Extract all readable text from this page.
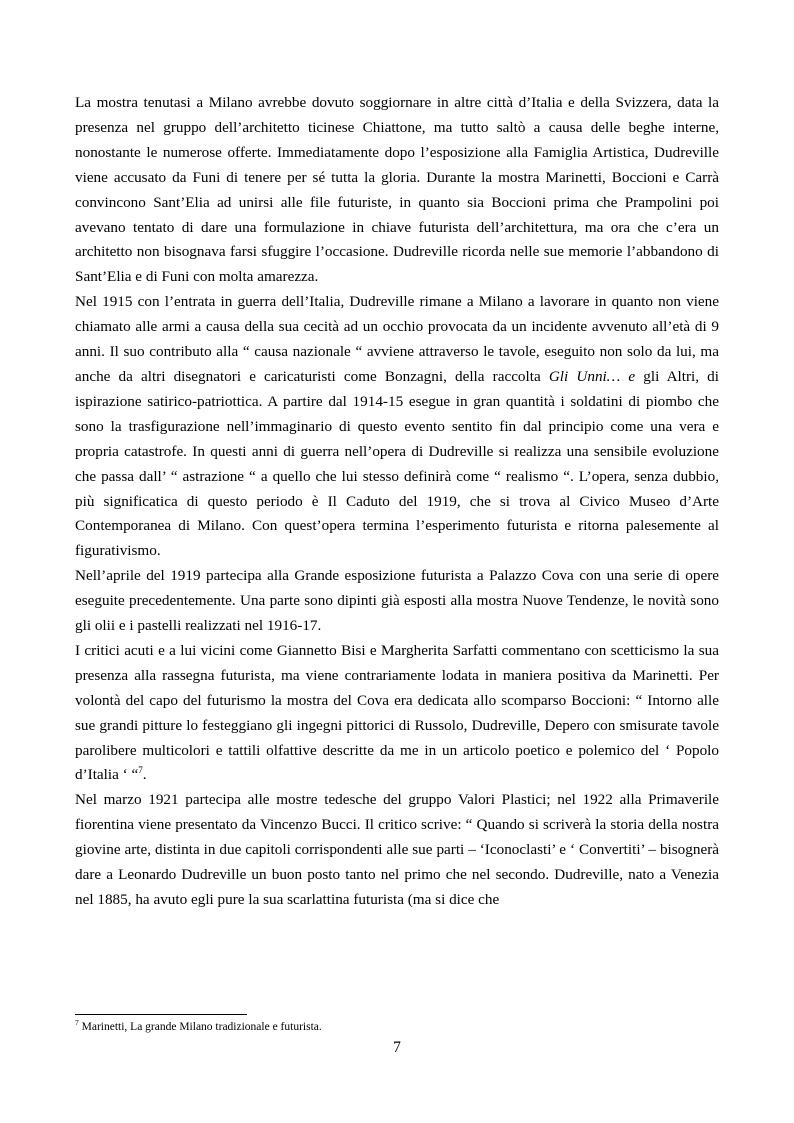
La mostra tenutasi a Milano avrebbe dovuto soggiornare in altre città d’Italia e della Svizzera, data la presenza nel gruppo dell’architetto ticinese Chiattone, ma tutto saltò a causa delle beghe interne, nonostante le numerose offerte. Immediatamente dopo l’esposizione alla Famiglia Artistica, Dudreville viene accusato da Funi di tenere per sé tutta la gloria. Durante la mostra Marinetti, Boccioni e Carrà convincono Sant’Elia ad unirsi alle file futuriste, in quanto sia Boccioni prima che Prampolini poi avevano tentato di dare una formulazione in chiave futurista dell’architettura, ma ora che c’era un architetto non bisognava farsi sfuggire l’occasione. Dudreville ricorda nelle sue memorie l’abbandono di Sant’Elia e di Funi con molta amarezza.

Nel 1915 con l’entrata in guerra dell’Italia, Dudreville rimane a Milano a lavorare in quanto non viene chiamato alle armi a causa della sua cecità ad un occhio provocata da un incidente avvenuto all’età di 9 anni. Il suo contributo alla “ causa nazionale “ avviene attraverso le tavole, eseguito non solo da lui, ma anche da altri disegnatori e caricaturisti come Bonzagni, della raccolta Gli Unni… e gli Altri, di ispirazione satirico-patriottica. A partire dal 1914-15 esegue in gran quantità i soldatini di piombo che sono la trasfigurazione nell’immaginario di questo evento sentito fin dal principio come una vera e propria catastrofe. In questi anni di guerra nell’opera di Dudreville si realizza una sensibile evoluzione che passa dall’ “ astrazione “ a quello che lui stesso definirà come “ realismo “. L’opera, senza dubbio, più significatica di questo periodo è Il Caduto del 1919, che si trova al Civico Museo d’Arte Contemporanea di Milano. Con quest’opera termina l’esperimento futurista e ritorna palesemente al figurativismo.

Nell’aprile del 1919 partecipa alla Grande esposizione futurista a Palazzo Cova con una serie di opere eseguite precedentemente. Una parte sono dipinti già esposti alla mostra Nuove Tendenze, le novità sono gli olii e i pastelli realizzati nel 1916-17.

I critici acuti e a lui vicini come Giannetto Bisi e Margherita Sarfatti commentano con scetticismo la sua presenza alla rassegna futurista, ma viene contrariamente lodata in maniera positiva da Marinetti. Per volontà del capo del futurismo la mostra del Cova era dedicata allo scomparso Boccioni: “ Intorno alle sue grandi pitture lo festeggiano gli ingegni pittorici di Russolo, Dudreville, Depero con smisurate tavole parolibere multicolori e tattili olfattive descritte da me in un articolo poetico e polemico del ‘ Popolo d’Italia ‘ “$^7$.

Nel marzo 1921 partecipa alle mostre tedesche del gruppo Valori Plastici; nel 1922 alla Primaverile fiorentina viene presentato da Vincenzo Bucci. Il critico scrive: “ Quando si scriverà la storia della nostra giovine arte, distinta in due capitoli corrispondenti alle sue parti – ‘Iconoclasti’ e ‘ Convertiti’ – bisognerà dare a Leonardo Dudreville un buon posto tanto nel primo che nel secondo. Dudreville, nato a Venezia nel 1885, ha avuto egli pure la sua scarlattina futurista (ma si dice che

$^7$ Marinetti, La grande Milano tradizionale e futurista.
7
